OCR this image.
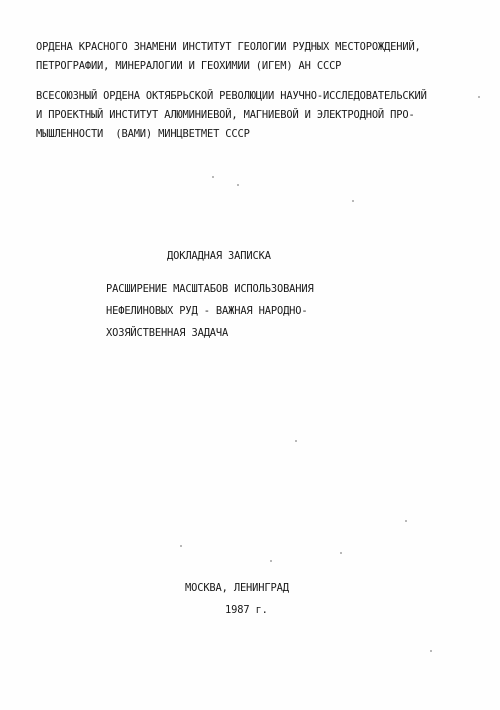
ОРДЕНА КРАСНОГО ЗНАМЕНИ ИНСТИТУТ ГЕОЛОГИИ РУДНЫХ МЕСТОРОЖДЕНИЙ,
ПЕТРОГРАФИИ, МИНЕРАЛОГИИ И ГЕОХИМИИ (ИГЕМ) АН СССР
ВСЕСОЮЗНЫЙ ОРДЕНА ОКТЯБРЬСКОЙ РЕВОЛЮЦИИ НАУЧНО-ИССЛЕДОВАТЕЛЬСКИЙ
И ПРОЕКТНЫЙ ИНСТИТУТ АЛЮМИНИЕВОЙ, МАГНИЕВОЙ И ЭЛЕКТРОДНОЙ ПРО-
МЫШЛЕННОСТИ  (ВАМИ) МИНЦВЕТМЕТ СССР
ДОКЛАДНАЯ ЗАПИСКА
РАСШИРЕНИЕ МАСШТАБОВ ИСПОЛЬЗОВАНИЯ
НЕФЕЛИНОВЫХ РУД - ВАЖНАЯ НАРОДНО-
ХОЗЯЙСТВЕННАЯ ЗАДАЧА
МОСКВА, ЛЕНИНГРАД
1987 г.
